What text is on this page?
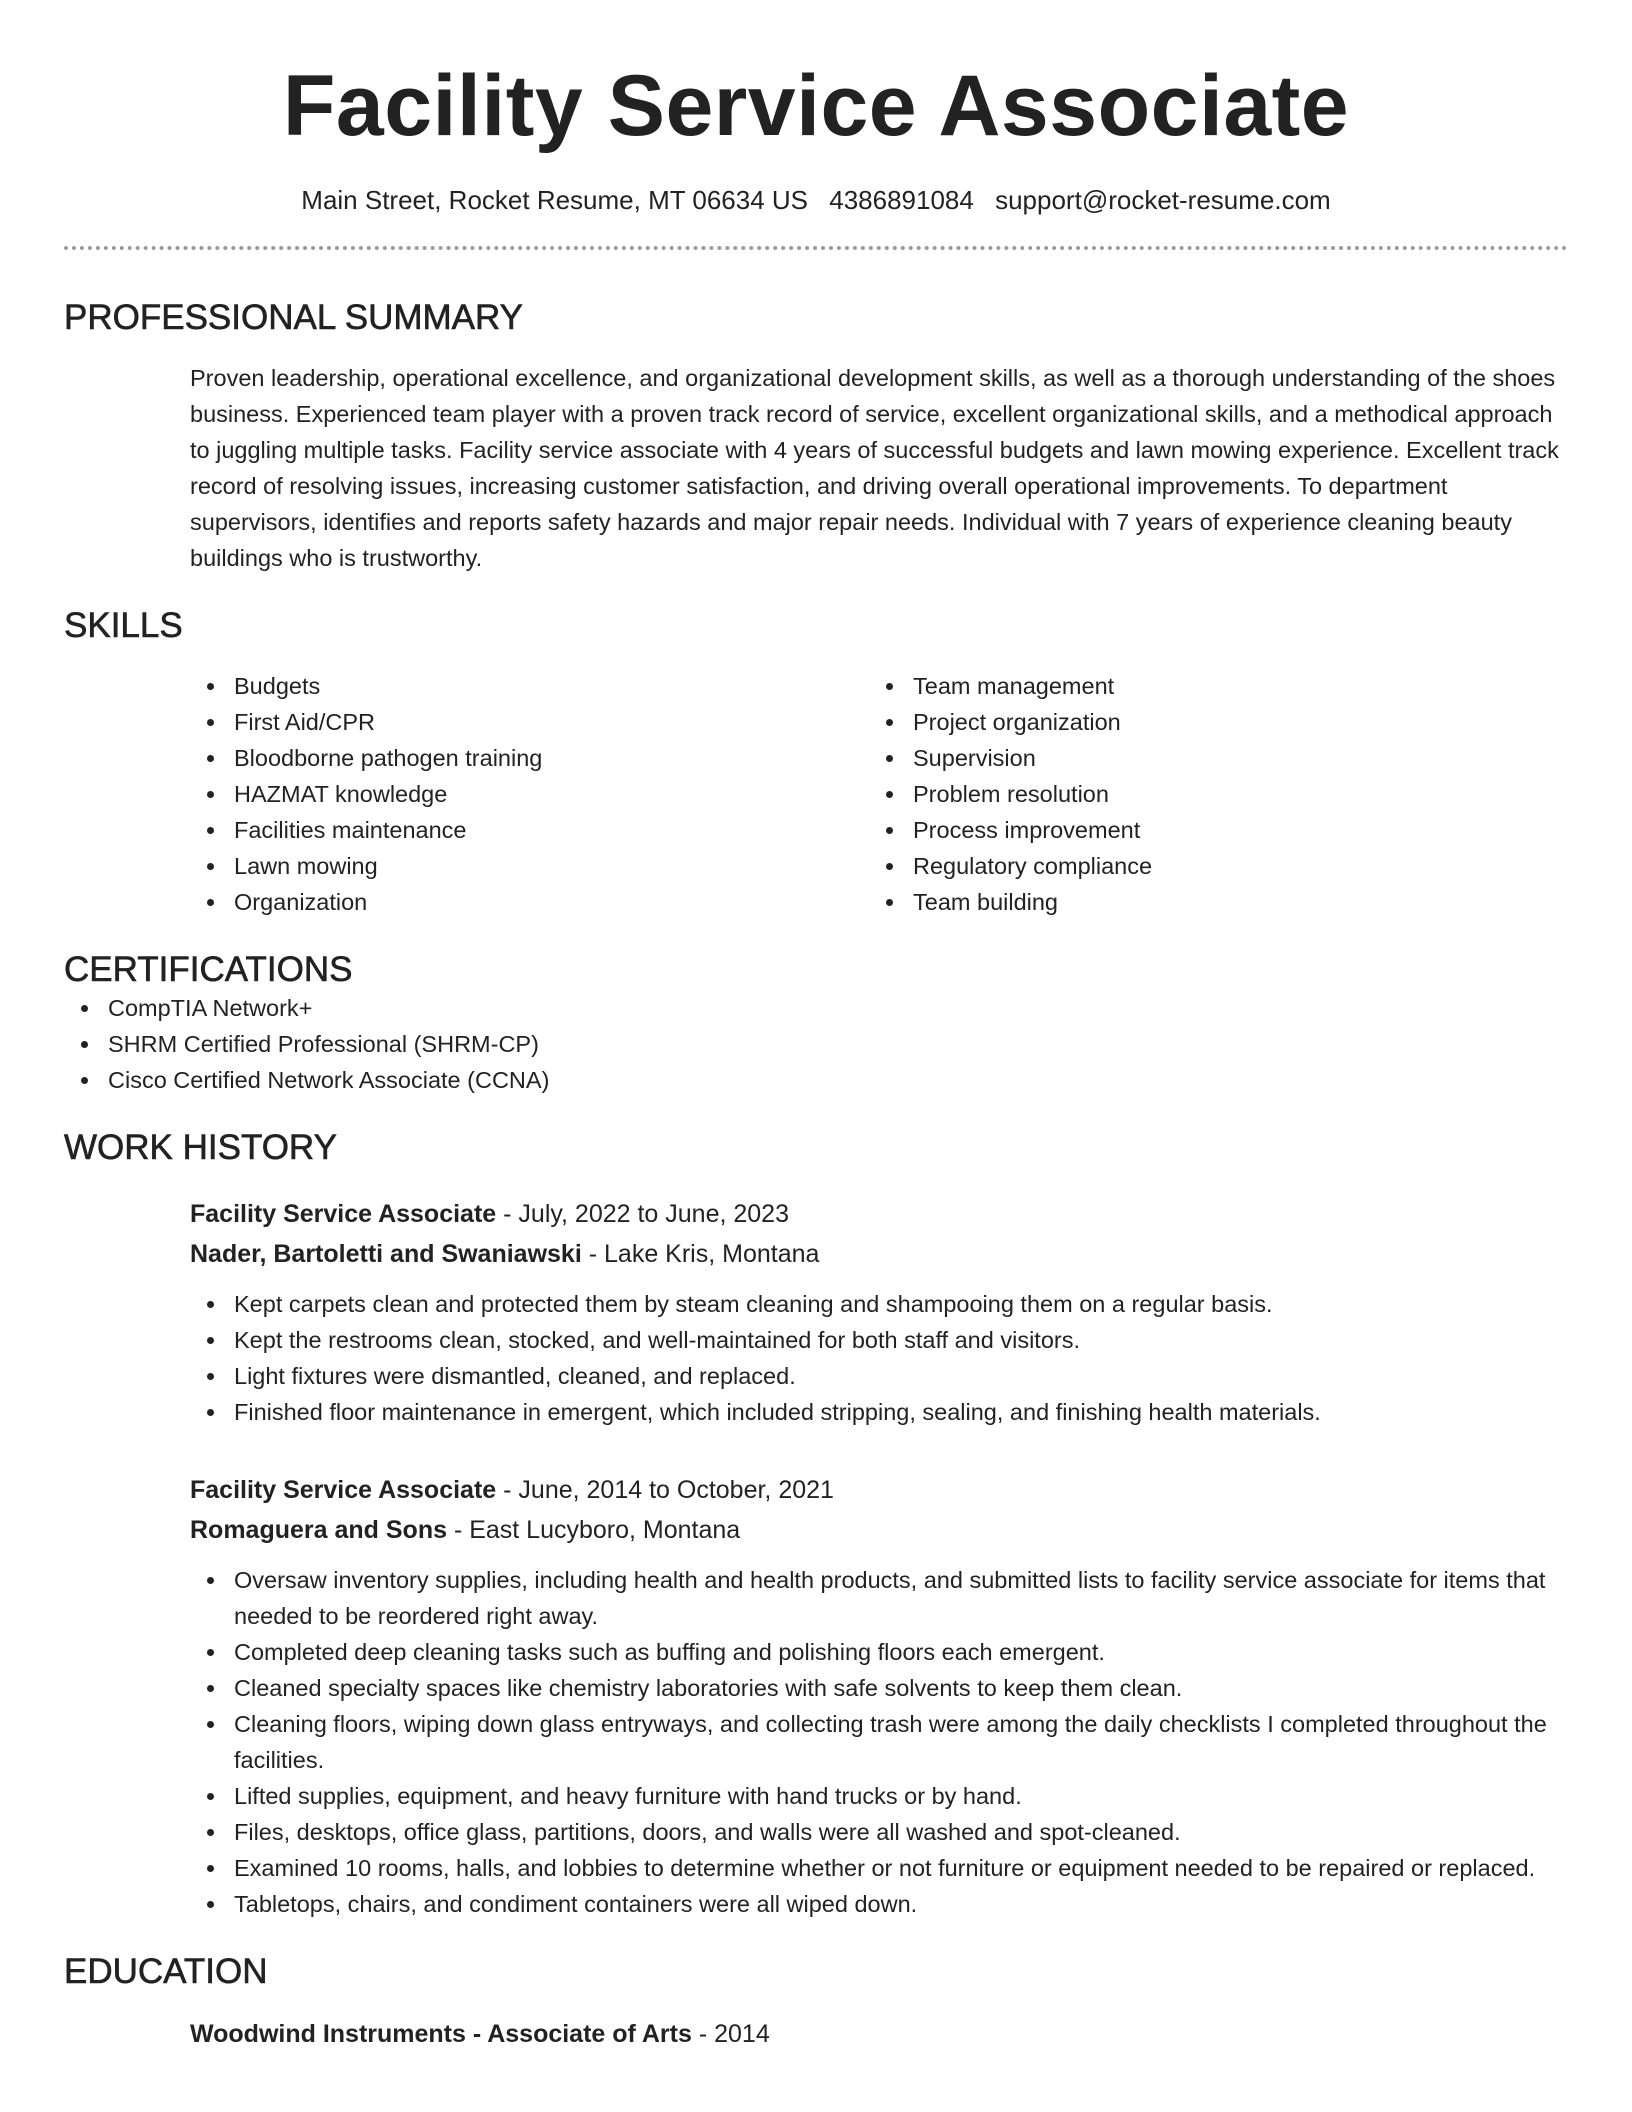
Facility Service Associate
Main Street, Rocket Resume, MT 06634 US 4386891084 support@rocket-resume.com
PROFESSIONAL SUMMARY

Proven leadership, operational excellence, and organizational development skills, as well as a thorough understanding of the shoes business. Experienced team player with a proven track record of service, excellent organizational skills, and a methodical approach to juggling multiple tasks. Facility service associate with 4 years of successful budgets and lawn mowing experience. Excellent track record of resolving issues, increasing customer satisfaction, and driving overall operational improvements. To department supervisors, identifies and reports safety hazards and major repair needs. Individual with 7 years of experience cleaning beauty buildings who is trustworthy.

SKILLS
Budgets
First Aid/CPR
Bloodborne pathogen training
HAZMAT knowledge
Facilities maintenance
Lawn mowing
Organization
Team management
Project organization
Supervision
Problem resolution
Process improvement
Regulatory compliance
Team building
CERTIFICATIONS
CompTIA Network+
SHRM Certified Professional (SHRM-CP)
Cisco Certified Network Associate (CCNA)
WORK HISTORY
Facility Service Associate - July, 2022 to June, 2023
Nader, Bartoletti and Swaniawski - Lake Kris, Montana
Kept carpets clean and protected them by steam cleaning and shampooing them on a regular basis.
Kept the restrooms clean, stocked, and well-maintained for both staff and visitors.
Light fixtures were dismantled, cleaned, and replaced.
Finished floor maintenance in emergent, which included stripping, sealing, and finishing health materials.
Facility Service Associate - June, 2014 to October, 2021
Romaguera and Sons - East Lucyboro, Montana
Oversaw inventory supplies, including health and health products, and submitted lists to facility service associate for items that needed to be reordered right away.
Completed deep cleaning tasks such as buffing and polishing floors each emergent.
Cleaned specialty spaces like chemistry laboratories with safe solvents to keep them clean.
Cleaning floors, wiping down glass entryways, and collecting trash were among the daily checklists I completed throughout the facilities.
Lifted supplies, equipment, and heavy furniture with hand trucks or by hand.
Files, desktops, office glass, partitions, doors, and walls were all washed and spot-cleaned.
Examined 10 rooms, halls, and lobbies to determine whether or not furniture or equipment needed to be repaired or replaced.
Tabletops, chairs, and condiment containers were all wiped down.
EDUCATION
Woodwind Instruments - Associate of Arts - 2014
